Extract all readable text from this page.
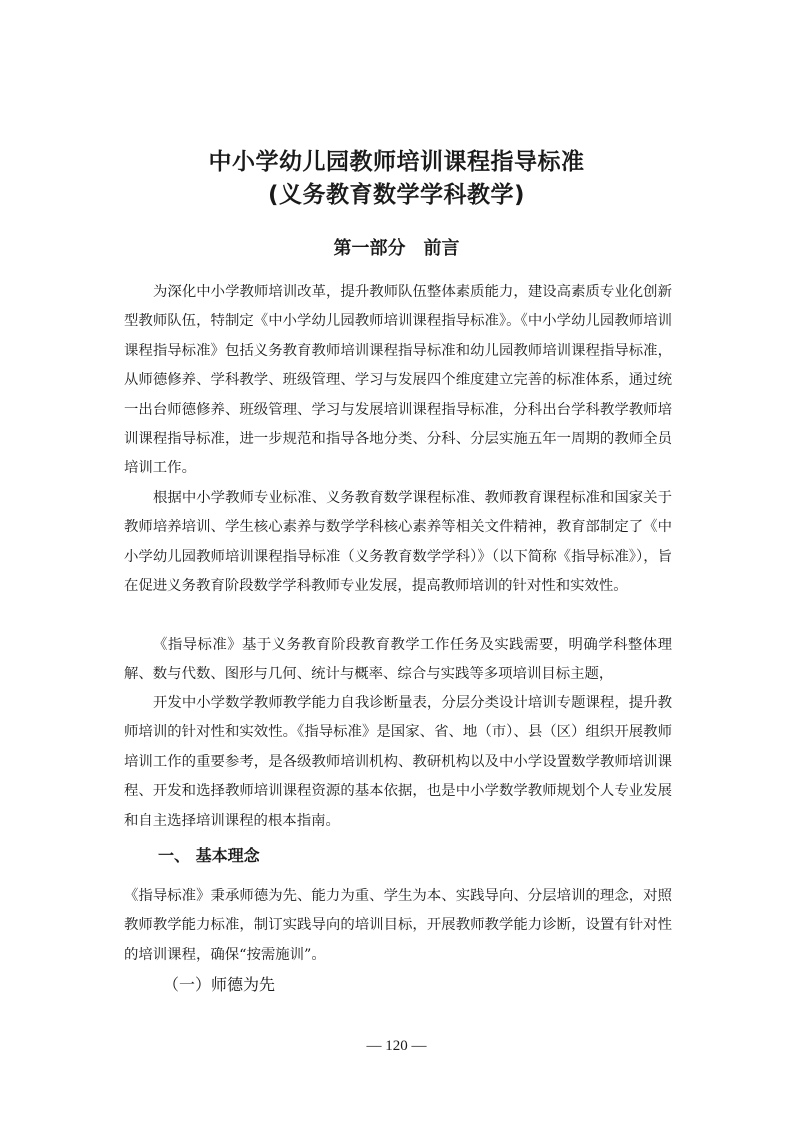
中小学幼儿园教师培训课程指导标准
(义务教育数学学科教学)
第一部分　前言

为深化中小学教师培训改革，提升教师队伍整体素质能力，建设高素质专业化创新型教师队伍，特制定《中小学幼儿园教师培训课程指导标准》。《中小学幼儿园教师培训课程指导标准》包括义务教育教师培训课程指导标准和幼儿园教师培训课程指导标准，从师德修养、学科教学、班级管理、学习与发展四个维度建立完善的标准体系，通过统一出台师德修养、班级管理、学习与发展培训课程指导标准，分科出台学科教学教师培训课程指导标准，进一步规范和指导各地分类、分科、分层实施五年一周期的教师全员培训工作。

根据中小学教师专业标准、义务教育数学课程标准、教师教育课程标准和国家关于教师培养培训、学生核心素养与数学学科核心素养等相关文件精神，教育部制定了《中小学幼儿园教师培训课程指导标准（义务教育数学学科）》（以下简称《指导标准》），旨在促进义务教育阶段数学学科教师专业发展，提高教师培训的针对性和实效性。

《指导标准》基于义务教育阶段教育教学工作任务及实践需要，明确学科整体理解、数与代数、图形与几何、统计与概率、综合与实践等多项培训目标主题，

开发中小学数学教师教学能力自我诊断量表，分层分类设计培训专题课程，提升教师培训的针对性和实效性。《指导标准》是国家、省、地（市）、县（区）组织开展教师培训工作的重要参考，是各级教师培训机构、教研机构以及中小学设置数学教师培训课程、开发和选择教师培训课程资源的基本依据，也是中小学数学教师规划个人专业发展和自主选择培训课程的根本指南。

一、 基本理念

《指导标准》秉承师德为先、能力为重、学生为本、实践导向、分层培训的理念，对照教师教学能力标准，制订实践导向的培训目标，开展教师教学能力诊断，设置有针对性的培训课程，确保“按需施训”。

（一）师德为先
— 120 —
